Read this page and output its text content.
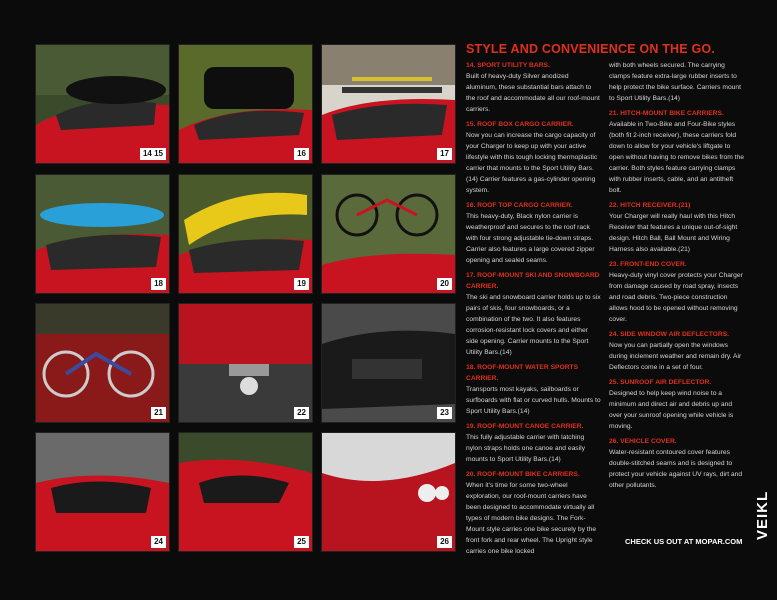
14 15	16	17
18	19	20
21	22	23
24	25	26
STYLE AND CONVENIENCE ON THE GO.
14. SPORT UTILITY BARS.

Built of heavy-duty Silver anodized aluminum, these substantial bars attach to the roof and accommodate all our roof-mount carriers.

15. ROOF BOX CARGO CARRIER.

Now you can increase the cargo capacity of your Charger to keep up with your active lifestyle with this tough locking thermoplastic carrier that mounts to the Sport Utility Bars.(14) Carrier features a gas-cylinder opening system.

16. ROOF TOP CARGO CARRIER.

This heavy-duty, Black nylon carrier is weatherproof and secures to the roof rack with four strong adjustable tie-down straps. Carrier also features a large covered zipper opening and sealed seams.

17. ROOF-MOUNT SKI AND SNOWBOARD CARRIER.

The ski and snowboard carrier holds up to six pairs of skis, four snowboards, or a combination of the two. It also features corrosion-resistant lock covers and either side opening. Carrier mounts to the Sport Utility Bars.(14)

18. ROOF-MOUNT WATER SPORTS CARRIER.

Transports most kayaks, sailboards or surfboards with flat or curved hulls. Mounts to Sport Utility Bars.(14)

19. ROOF-MOUNT CANOE CARRIER.

This fully adjustable carrier with latching nylon straps holds one canoe and easily mounts to Sport Utility Bars.(14)

20. ROOF-MOUNT BIKE CARRIERS.

When it's time for some two-wheel exploration, our roof-mount carriers have been designed to accommodate virtually all types of modern bike designs. The Fork-Mount style carries one bike securely by the front fork and rear wheel. The Upright style carries one bike locked

with both wheels secured. The carrying clamps feature extra-large rubber inserts to help protect the bike surface. Carriers mount to Sport Utility Bars.(14)

21. HITCH-MOUNT BIKE CARRIERS.

Available in Two-Bike and Four-Bike styles (both fit 2-inch receiver), these carriers fold down to allow for your vehicle's liftgate to open without having to remove bikes from the carrier. Both styles feature carrying clamps with rubber inserts, cable, and an antitheft bolt.

22. HITCH RECEIVER.(21)

Your Charger will really haul with this Hitch Receiver that features a unique out-of-sight design. Hitch Ball, Ball Mount and Wiring Harness also available.(21)

23. FRONT-END COVER.

Heavy-duty vinyl cover protects your Charger from damage caused by road spray, insects and road debris. Two-piece construction allows hood to be opened without removing cover.

24. SIDE WINDOW AIR DEFLECTORS.

Now you can partially open the windows during inclement weather and remain dry. Air Deflectors come in a set of four.

25. SUNROOF AIR DEFLECTOR.

Designed to help keep wind noise to a minimum and direct air and debris up and over your sunroof opening while vehicle is moving.

26. VEHICLE COVER.

Water-resistant contoured cover features double-stitched seams and is designed to protect your vehicle against UV rays, dirt and other pollutants.

CHECK US OUT AT MOPAR.COM
VEIKL
